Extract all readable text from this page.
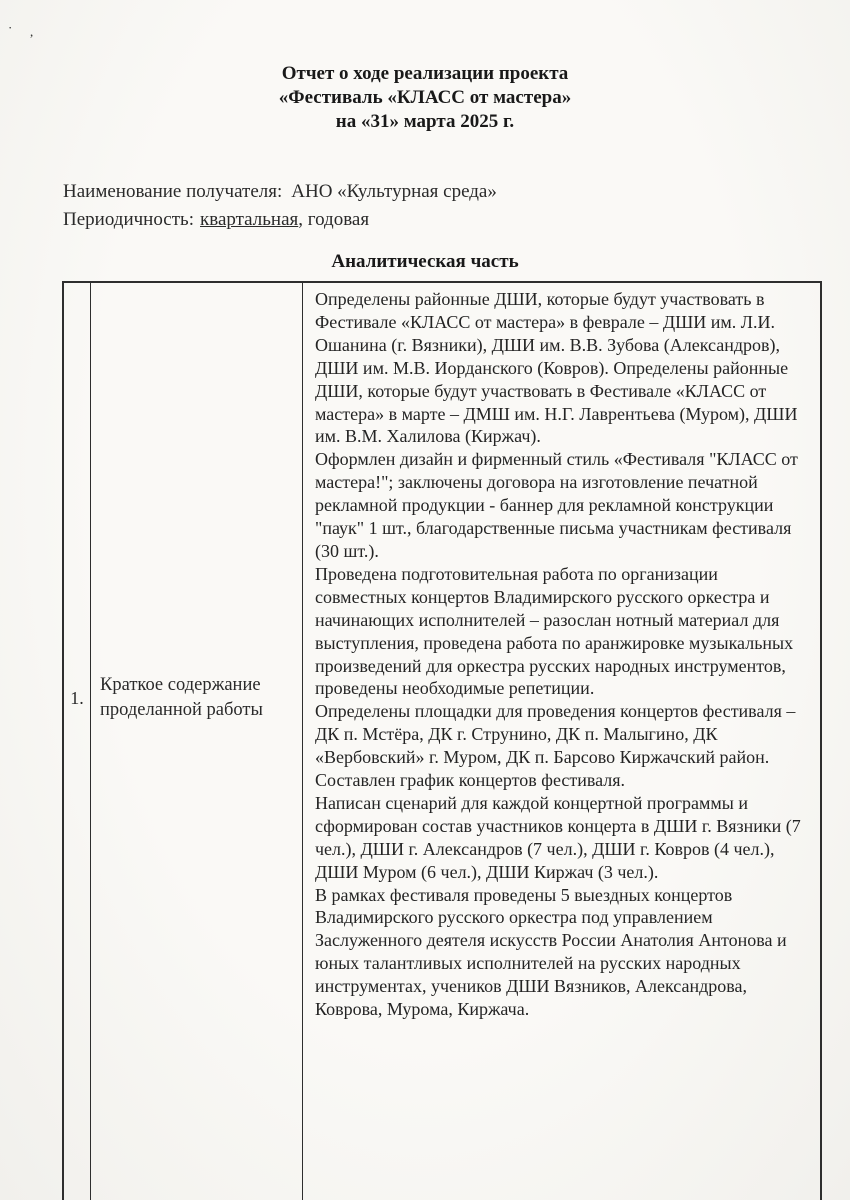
· ,
Отчет о ходе реализации проекта
«Фестиваль «КЛАСС от мастера»
на «31» марта 2025 г.
Наименование получателя: АНО «Культурная среда»
Периодичность: квартальная, годовая
Аналитическая часть
1.
Краткое содержание проделанной работы

Определены районные ДШИ, которые будут участвовать в Фестивале «КЛАСС от мастера» в феврале – ДШИ им. Л.И. Ошанина (г. Вязники), ДШИ им. В.В. Зубова (Александров), ДШИ им. М.В. Иорданского (Ковров). Определены районные ДШИ, которые будут участвовать в Фестивале «КЛАСС от мастера» в марте – ДМШ им. Н.Г. Лаврентьева (Муром), ДШИ им. В.М. Халилова (Киржач).

Оформлен дизайн и фирменный стиль «Фестиваля "КЛАСС от мастера!"; заключены договора на изготовление печатной рекламной продукции - баннер для рекламной конструкции "паук" 1 шт., благодарственные письма участникам фестиваля (30 шт.).

Проведена подготовительная работа по организации совместных концертов Владимирского русского оркестра и начинающих исполнителей – разослан нотный материал для выступления, проведена работа по аранжировке музыкальных произведений для оркестра русских народных инструментов, проведены необходимые репетиции.

Определены площадки для проведения концертов фестиваля – ДК п. Мстёра, ДК г. Струнино, ДК п. Малыгино, ДК «Вербовский» г. Муром, ДК п. Барсово Киржачский район. Составлен график концертов фестиваля.

Написан сценарий для каждой концертной программы и сформирован состав участников концерта в ДШИ г. Вязники (7 чел.), ДШИ г. Александров (7 чел.), ДШИ г. Ковров (4 чел.), ДШИ Муром (6 чел.), ДШИ Киржач (3 чел.).

В рамках фестиваля проведены 5 выездных концертов Владимирского русского оркестра под управлением Заслуженного деятеля искусств России Анатолия Антонова и юных талантливых исполнителей на русских народных инструментах, учеников ДШИ Вязников, Александрова, Коврова, Мурома, Киржача.
